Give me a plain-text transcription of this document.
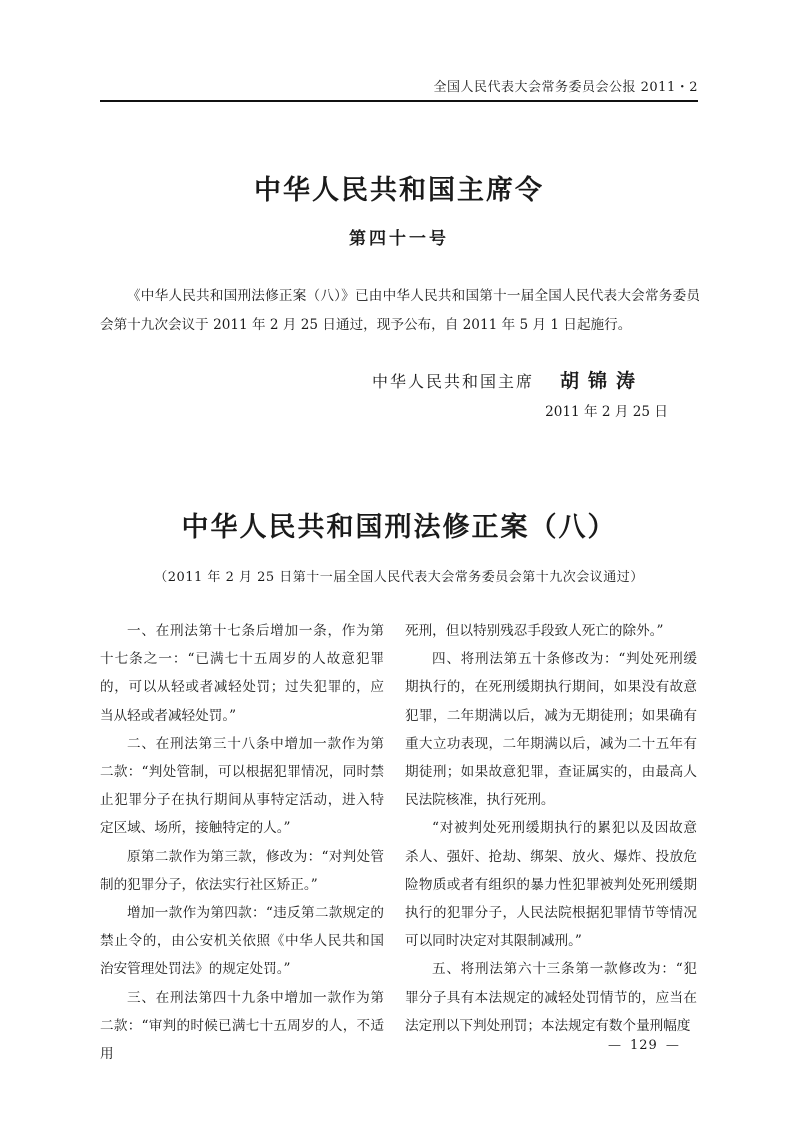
全国人民代表大会常务委员会公报 2011・2
中华人民共和国主席令
第四十一号
《中华人民共和国刑法修正案（八）》已由中华人民共和国第十一届全国人民代表大会常务委员会第十九次会议于 2011 年 2 月 25 日通过，现予公布，自 2011 年 5 月 1 日起施行。
中华人民共和国主席 胡锦涛
2011 年 2 月 25 日
中华人民共和国刑法修正案（八）
（2011 年 2 月 25 日第十一届全国人民代表大会常务委员会第十九次会议通过）

一、在刑法第十七条后增加一条，作为第十七条之一：“已满七十五周岁的人故意犯罪的，可以从轻或者减轻处罚；过失犯罪的，应当从轻或者减轻处罚。”

二、在刑法第三十八条中增加一款作为第二款：“判处管制，可以根据犯罪情况，同时禁止犯罪分子在执行期间从事特定活动，进入特定区域、场所，接触特定的人。”

原第二款作为第三款，修改为：“对判处管制的犯罪分子，依法实行社区矫正。”

增加一款作为第四款：“违反第二款规定的禁止令的，由公安机关依照《中华人民共和国治安管理处罚法》的规定处罚。”

三、在刑法第四十九条中增加一款作为第二款：“审判的时候已满七十五周岁的人，不适用

死刑，但以特别残忍手段致人死亡的除外。”

四、将刑法第五十条修改为：“判处死刑缓期执行的，在死刑缓期执行期间，如果没有故意犯罪，二年期满以后，减为无期徒刑；如果确有重大立功表现，二年期满以后，减为二十五年有期徒刑；如果故意犯罪，查证属实的，由最高人民法院核准，执行死刑。

“对被判处死刑缓期执行的累犯以及因故意杀人、强奸、抢劫、绑架、放火、爆炸、投放危险物质或者有组织的暴力性犯罪被判处死刑缓期执行的犯罪分子，人民法院根据犯罪情节等情况可以同时决定对其限制减刑。”

五、将刑法第六十三条第一款修改为：“犯罪分子具有本法规定的减轻处罚情节的，应当在法定刑以下判处刑罚；本法规定有数个量刑幅度

— 129 —
